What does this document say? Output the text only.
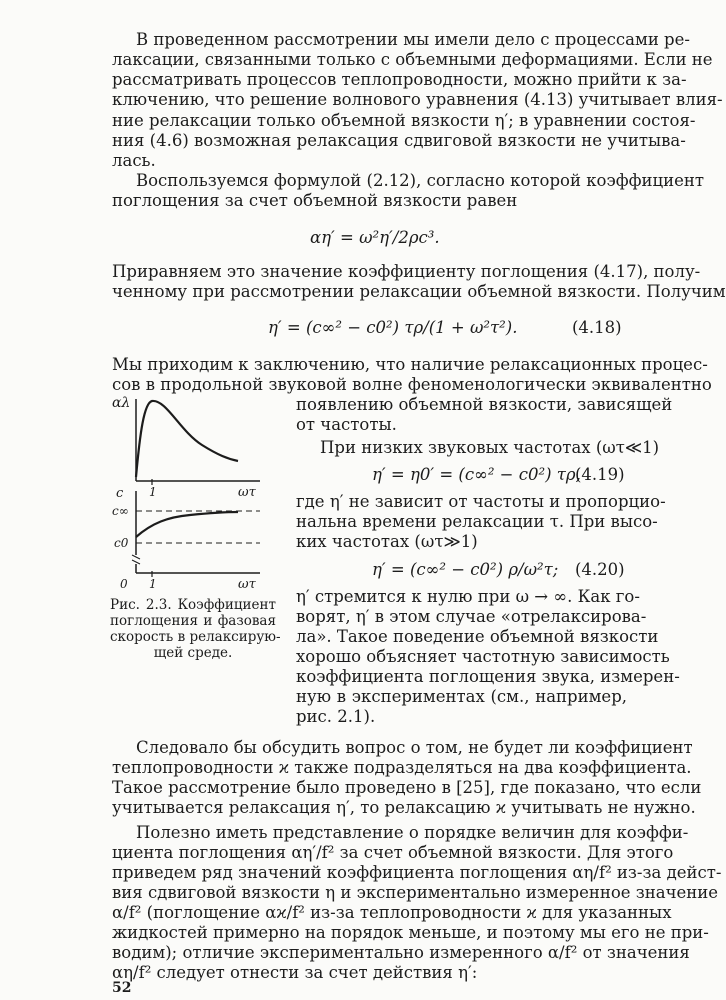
В проведенном рассмотрении мы имели дело с процессами ре-
лаксации, связанными только с объемными деформациями. Если не
рассматривать процессов теплопроводности, можно прийти к за-
ключению, что решение волнового уравнения (4.13) учитывает влия-
ние релаксации только объемной вязкости η′; в уравнении состоя-
ния (4.6) возможная релаксация сдвиговой вязкости не учитыва-
лась.
Воспользуемся формулой (2.12), согласно которой коэффициент
поглощения за счет объемной вязкости равен
αη′ = ω²η′/2ρc³.
Приравняем это значение коэффициенту поглощения (4.17), полу-
ченному при рассмотрении релаксации объемной вязкости. Получим
η′ = (c∞² − c0²) τρ/(1 + ω²τ²).	(4.18)
Мы приходим к заключению, что наличие релаксационных процес-
сов в продольной звуковой волне феноменологически эквивалентно
αλ
1	ωτ
c
c∞
c0
0 1	ωτ
Рис. 2.3. Коэффициент
поглощения и фазовая
скорость в релаксирую-
щей среде.
появлению объемной вязкости, зависящей
от частоты.
При низких звуковых частотах (ωτ≪1)
η′ = η0′ = (c∞² − c0²) τρ,
(4.19)
где η′ не зависит от частоты и пропорцио-
нальна времени релаксации τ. При высо-
ких частотах (ωτ≫1)
η′ = (c∞² − c0²) ρ/ω²τ; (4.20)
η′ стремится к нулю при ω → ∞. Как го-
ворят, η′ в этом случае «отрелаксирова-
ла». Такое поведение объемной вязкости
хорошо объясняет частотную зависимость
коэффициента поглощения звука, измерен-
ную в экспериментах (см., например,
рис. 2.1).
Следовало бы обсудить вопрос о том, не будет ли коэффициент
теплопроводности ϰ также подразделяться на два коэффициента.
Такое рассмотрение было проведено в [25], где показано, что если
учитывается релаксация η′, то релаксацию ϰ учитывать не нужно.
Полезно иметь представление о порядке величин для коэффи-
циента поглощения αη′/f² за счет объемной вязкости. Для этого
приведем ряд значений коэффициента поглощения αη/f² из-за дейст-
вия сдвиговой вязкости η и экспериментально измеренное значение
α/f² (поглощение αϰ/f² из-за теплопроводности ϰ для указанных
жидкостей примерно на порядок меньше, и поэтому мы его не при-
водим); отличие экспериментально измеренного α/f² от значения
αη/f² следует отнести за счет действия η′:
52
